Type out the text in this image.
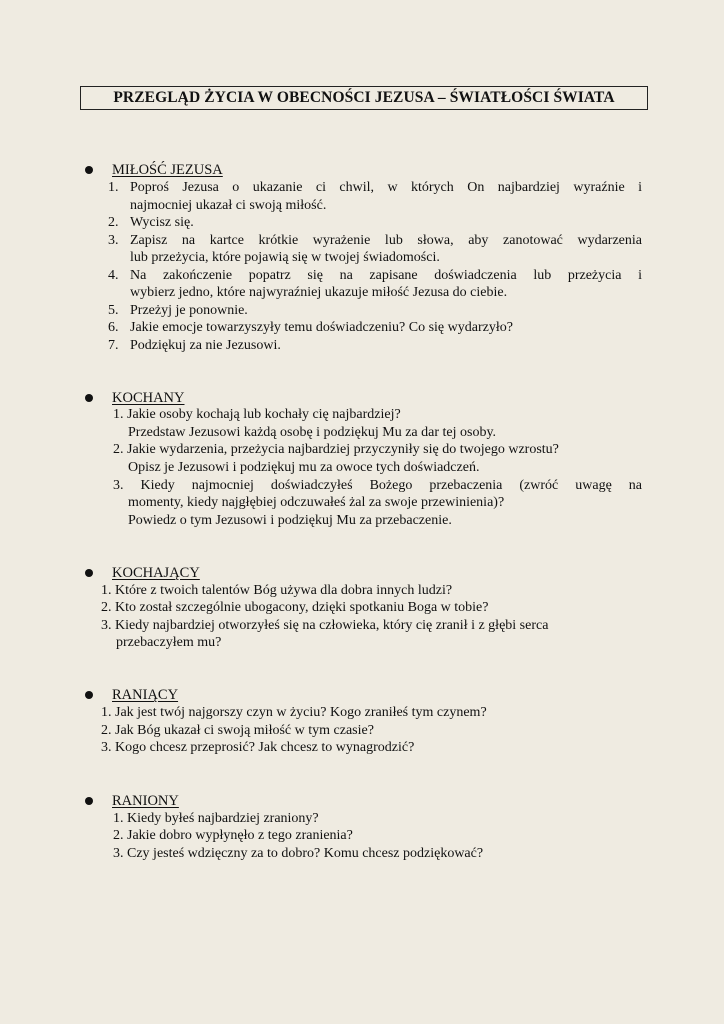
PRZEGLĄD ŻYCIA W OBECNOŚCI JEZUSA – ŚWIATŁOŚCI ŚWIATA
MIŁOŚĆ JEZUSA
1. Poproś Jezusa o ukazanie ci chwil, w których On najbardziej wyraźnie i
najmocniej ukazał ci swoją miłość.
2. Wycisz się.
3. Zapisz na kartce krótkie wyrażenie lub słowa, aby zanotować wydarzenia
lub przeżycia, które pojawią się w twojej świadomości.
4. Na zakończenie popatrz się na zapisane doświadczenia lub przeżycia i
wybierz jedno, które najwyraźniej ukazuje miłość Jezusa do ciebie.
5. Przeżyj je ponownie.
6. Jakie emocje towarzyszyły temu doświadczeniu? Co się wydarzyło?
7. Podziękuj za nie Jezusowi.
KOCHANY
1. Jakie osoby kochają lub kochały cię najbardziej?
Przedstaw Jezusowi każdą osobę i podziękuj Mu za dar tej osoby.
2. Jakie wydarzenia, przeżycia najbardziej przyczyniły się do twojego wzrostu?
Opisz je Jezusowi i podziękuj mu za owoce tych doświadczeń.
3. Kiedy najmocniej doświadczyłeś Bożego przebaczenia (zwróć uwagę na
momenty, kiedy najgłębiej odczuwałeś żal za swoje przewinienia)?
Powiedz o tym Jezusowi i podziękuj Mu za przebaczenie.
KOCHAJĄCY
1. Które z twoich talentów Bóg używa dla dobra innych ludzi?
2. Kto został szczególnie ubogacony, dzięki spotkaniu Boga w tobie?
3. Kiedy najbardziej otworzyłeś się na człowieka, który cię zranił i z głębi serca
przebaczyłem mu?
RANIĄCY
1. Jak jest twój najgorszy czyn w życiu? Kogo zraniłeś tym czynem?
2. Jak Bóg ukazał ci swoją miłość w tym czasie?
3. Kogo chcesz przeprosić? Jak chcesz to wynagrodzić?
RANIONY
1. Kiedy byłeś najbardziej zraniony?
2. Jakie dobro wypłynęło z tego zranienia?
3. Czy jesteś wdzięczny za to dobro? Komu chcesz podziękować?
